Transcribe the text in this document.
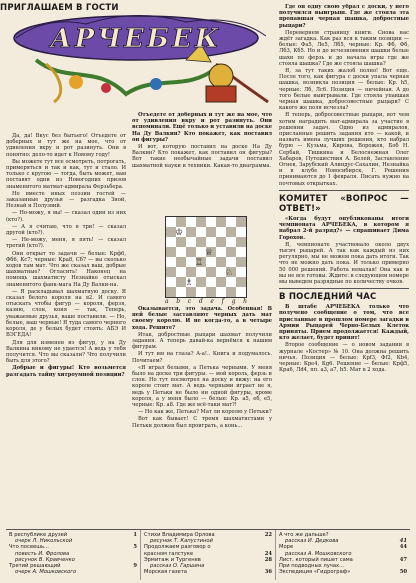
АРЧЕБЕК
ПРИГЛАШАЕМ В ГОСТИ

Да, да! Вкус без бытьего! Отъедете от доберных и тут же на мое, что от удивления вкру и рот разинуть. Они в понятно: дело-то идет к Новому году!

Вы можете тут все осмотреть, потрогать, примеряться и так и как, тут и стало. И только с кругою — тогда, быть может, вам поставят одни из Новогодних призов знаменитого матмат-адмирала Ферзьбера.

Но вместе иных поэзии гостей — заказанные друзья — разгадка Зной, Незнай и Полузвий.

— Но-можу, я вы! — сказал один из них (кто?).

— А я считаю, что в три! — сказал другой (кто?).

— Не-можу, меня, я пять! — сказал третий (кто?).

Они открыт то задачи — белые: Крф6, Фб6, Кс7; черные: Кра8, Сб7 — вы сколько ходов там мат. Что же сказал ваш, добрые шахматные? Огласить! Наконец на помощь шахматисту Незнайке отыскал знаменитого фанк-мага На Ду Валки-на.

— Я раскладывал шахматную доску. Я сказал белого короля на в2. И самого отыскать чтобы фигур — короля, ферзя, казню, слон, коня — так, Теперь, уважаемые друзья, ваше поставили. — Но, белые, ваш черные! Я туда самого черного короля, де у белых будет стоять: АБЭ И ВЭГЕДА!

Для для изменен из фигур, у на Ду Валкина никому не удается! А ведь у тебя получится. Что вы сказали? Что получили быть для этого?

Добрые и фигуры! Кто возьмется разгадать тайну хитроумной позиции?

Отъедете от доберных и тут же на мое, что от удивления вкру и рот разинуть. Они вспоминали. Ещё только и уставили на доске На Ду Валкин? Кто покажет, как поставил он фигуры?

И вот, которую поставил на доске На Ду Валкин? Кто покажет, как поставил он фигуры? Вот такие необычайные задачи поставил шахматной науки и техники. Какая-то диаграмма.

♔
♕
♘
♗
♖
a b c d e f g h

Оказывается, это задача. Особенная! В ней белые заставляют черных дать мат своему королю. И не когда-то, а в четыре хода. Решите?

Итак, добростные рыцари шахмат получили задания. А теперь давай-ка вернёмся к нашим фигурам.

И тут им на глаза? А-а!.. Книга и подумалось. Почитаем?

«Я играл белыми, а Петька черными. У меня было на доске три фигуры. — мой король, ферзь и слон. Но тут посмотрел на доску и вижу: на его короле стоит мат. А ведь черными играет не я, ведь у Петьки не было ни одной фигуры, кроме короля, а у меня было — белые: Кр. а5, еб, е5, черные: Кр. а8. Где же всё-таки мат?!

— Но как же, Петька? Мат ли королю у Петьки?

Вот как бывает! С тремя шахматистами у Петьки должен был проиграть, а конь...

Где он одну свою убрал с доски, у него получился выигрыш. Где же стояла эта пропавшая черная шашка, добростные рыцари?

Перевернем страницу книги. Снова нас ждёт загадка. Как раз вся к таким позиции — белые: Фа5, Ле5, Лб5, черные: Кр. Фб, Фб, Лб3, Кб5. Но и до исчезновения шашки белые шахи по ферзь и до начала игры где же стояла шашка? Где же стояла шашка?

Я, за тут таких жалоб полно! Вот еще. После того, как фигура с доски упала черная шашка, возникла позиция — белые: Кр. h5, черные: Лб, Лс6. Позиция — ничейная. А до того белые выигрывали. Где стояла упавшая черная шашка, добросовестные рыцари? С какого же поля исчезла?

Я теперь, добросовестные рыцари, вот чем хотим наградить мат-адмирала за участие в решении задач. Одно из адмиралов, присланные решить задания кто — какой, и назвать имена лучших решения, кто набрал бурю — Кузьма, Кирова, Ворожея, Боб Н. Сербай, Тишкина и Белоснежная Олег Хабаров, Путешествия А. Белей, Заставление Огнев, Зарубский Алиндус-Сахалин, Незнайка и в клубе Новосибирск, Г. Решения принимаются до 1 февраля. Писать нужно на почтовых открытках.

КОМИТЕТ «ВОПРОС — ОТВЕТ!»

«Когда будут опубликованы итоги чемпионата АРЧЕБЕКА, в котором я набрал 2-й разряд?» — спрашивает Дима Горохов.

Я, чемпионате участвовало около двух тысяч рыцарей. А так как каждый из них регулярно, мы не можем пока дать итоги. Так что не можно дать пока. И только примерно 50 000 решений. Работа немалая! Она как и вы не все готовы. Ждите: в следующем номере мы выведем разрядные по количеству очков.

В ПОСЛЕДНИЙ ЧАС

В штабе АРЧЕБЕКА только что получено сообщение о том, что все присланные в прошлом номере загадки в Армии Рыцарей Черно-Белых Клеток приняты. Прием продолжается! Каждый, кто желает, будет принят!

Второе сообщение — о новом задании в журнале «Костер» № 10. Она должна решить ничья. Позиция — белые: Крf3, Фf2, Кb4, черные: Кре4, Кg6. Решение — белые: Крф5, Кра6, Лd4, пп. а3, а7, b5. Мат в 2 хода.

В республике друзей	1
очерк Л. Никольской
Что посеешь...	5
повесть И. Фролова
рисунок В. Кравченко
Третий решающий	9
очерк А. Мошковского
Стихи Владимира Орлова	22
рисунок Т. Капустиной
Продолжаем разговор о
красном галстуке	24
Эрмитаж и Тургенев	28
рассказ О. Гаршина
Морская газета	36
А что же дальше?
рассказ И. Дедкова	41
Море	44
рассказ А. Мошковского
Лист, который пишет сама	47
При подводных лучах...
Экспедиция «Гидрограф»	50
